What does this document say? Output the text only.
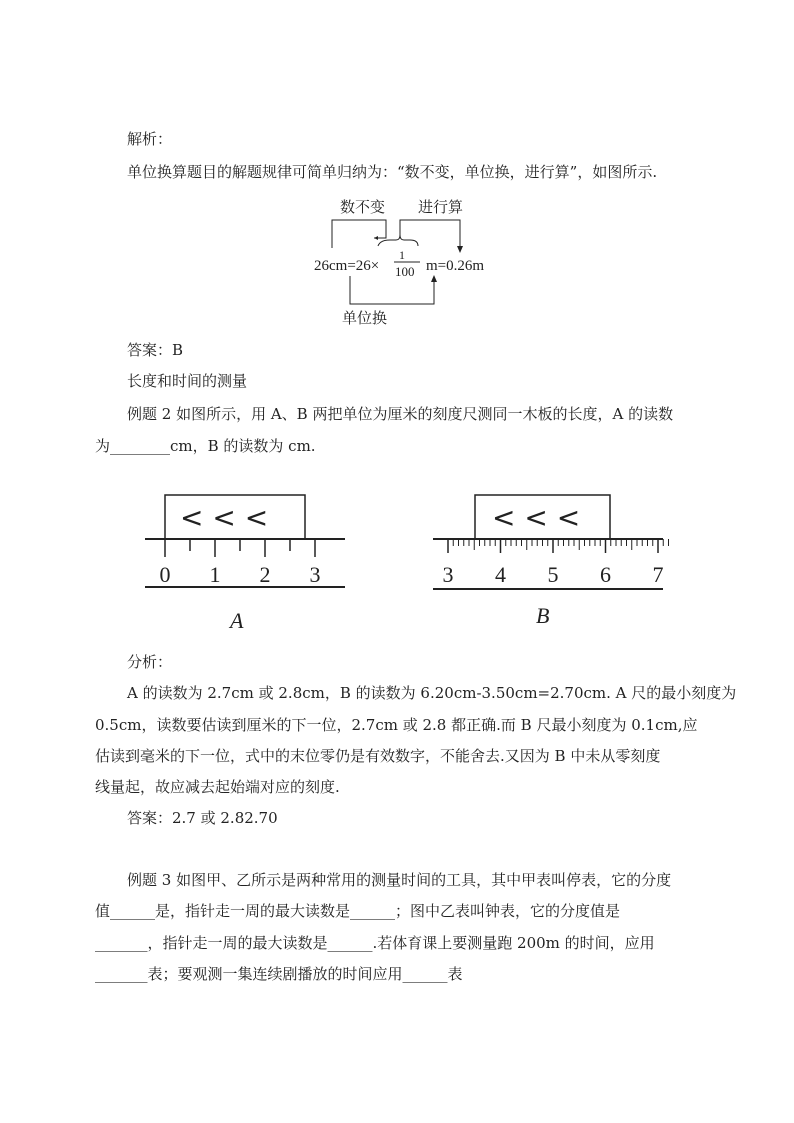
解析：
单位换算题目的解题规律可简单归纳为：“数不变，单位换，进行算”，如图所示.
数不变 进行算
26cm=26×
1
100 m=0.26m
单位换
答案：B
长度和时间的测量
例题 2 如图所示，用 A、B 两把单位为厘米的刻度尺测同一木板的长度，A 的读数
为________cm，B 的读数为 cm.
< < <
0 1 2 3
A
< < <
3 4 5 6 7
B
分析：
A 的读数为 2.7cm 或 2.8cm，B 的读数为 6.20cm-3.50cm=2.70cm. A 尺的最小刻度为
0.5cm，读数要估读到厘米的下一位，2.7cm 或 2.8 都正确.而 B 尺最小刻度为 0.1cm,应
估读到毫米的下一位，式中的末位零仍是有效数字，不能舍去.又因为 B 中未从零刻度
线量起，故应减去起始端对应的刻度.
答案：2.7 或 2.82.70
例题 3 如图甲、乙所示是两种常用的测量时间的工具，其中甲表叫停表，它的分度
值______是，指针走一周的最大读数是______；图中乙表叫钟表，它的分度值是
_______，指针走一周的最大读数是______.若体育课上要测量跑 200m 的时间，应用
_______表；要观测一集连续剧播放的时间应用______表
